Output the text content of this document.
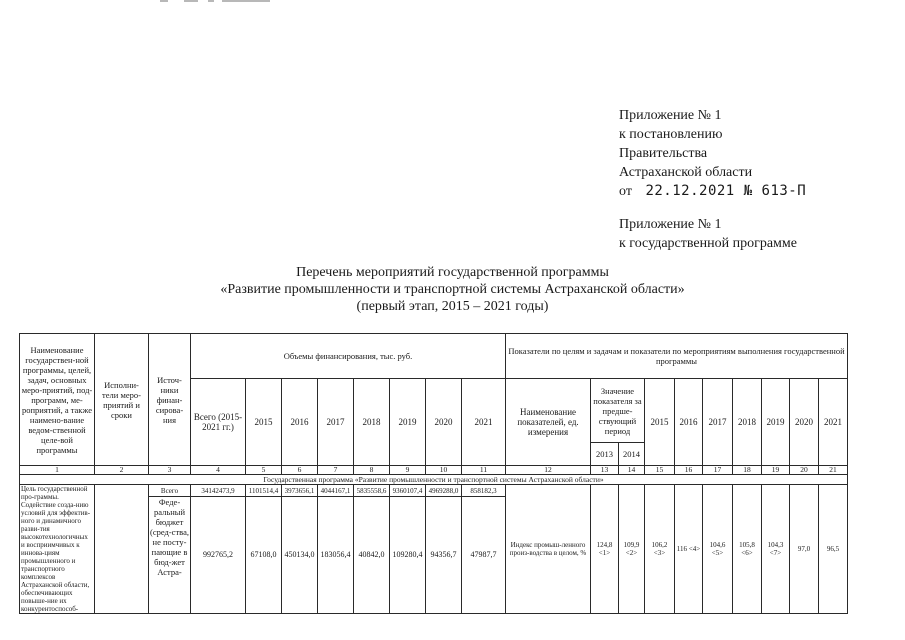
Приложение № 1
к постановлению
Правительства
Астраханской области
от 22.12.2021 № 613-П
Приложение № 1
к государственной программе
Перечень мероприятий государственной программы
«Развитие промышленности и транспортной системы Астраханской области»
(первый этап, 2015 – 2021 годы)
Наименование государствен-ной программы, целей, задач, основных меро-приятий, под-программ, ме-роприятий, а также наимено-вание ведом-ственной целе-вой программы	Исполни-тели меро-приятий и сроки	Источ-ники финан-сирова-ния	Объемы финансирования, тыс. руб.								Показатели по целям и задачам и показатели по мероприятиям выполнения государственной программы									
			Всего (2015-2021 гг.)	2015	2016	2017	2018	2019	2020	2021	Наименование показателей, ед. измерения	Значение показателя за предше-ствующий период		2015	2016	2017	2018	2019	2020	2021
												2013	2014							
1	2	3	4	5	6	7	8	9	10	11	12	13	14	15	16	17	18	19	20	21
Государственная программа «Развитие промышленности и транспортной системы Астраханской области»																				
Цель государственной про-граммы. Содействие созда-нию условий для эффектив-ного и динамичного разви-тия высокотехнологичных и восприимчивых к иннова-циям промышленного и транспортного комплексов Астраханской области, обеспечивающих повыше-ние их конкурентоспособ-		Всего	34142473,9	1101514,4	3973656,1	4044167,1	5835558,6	9360107,4	4969288,0	858182,3	Индекс промыш-ленного произ-водства в целом, %	124,8 <1>	109,9 <2>	106,2 <3>	116 <4>	104,6 <5>	105,8 <6>	104,3 <7>	97,0	96,5
		Феде-ральный бюджет (сред-ства, не посту-пающие в бюд-жет Астра-	992765,2	67108,0	450134,0	183056,4	40842,0	109280,4	94356,7	47987,7										
